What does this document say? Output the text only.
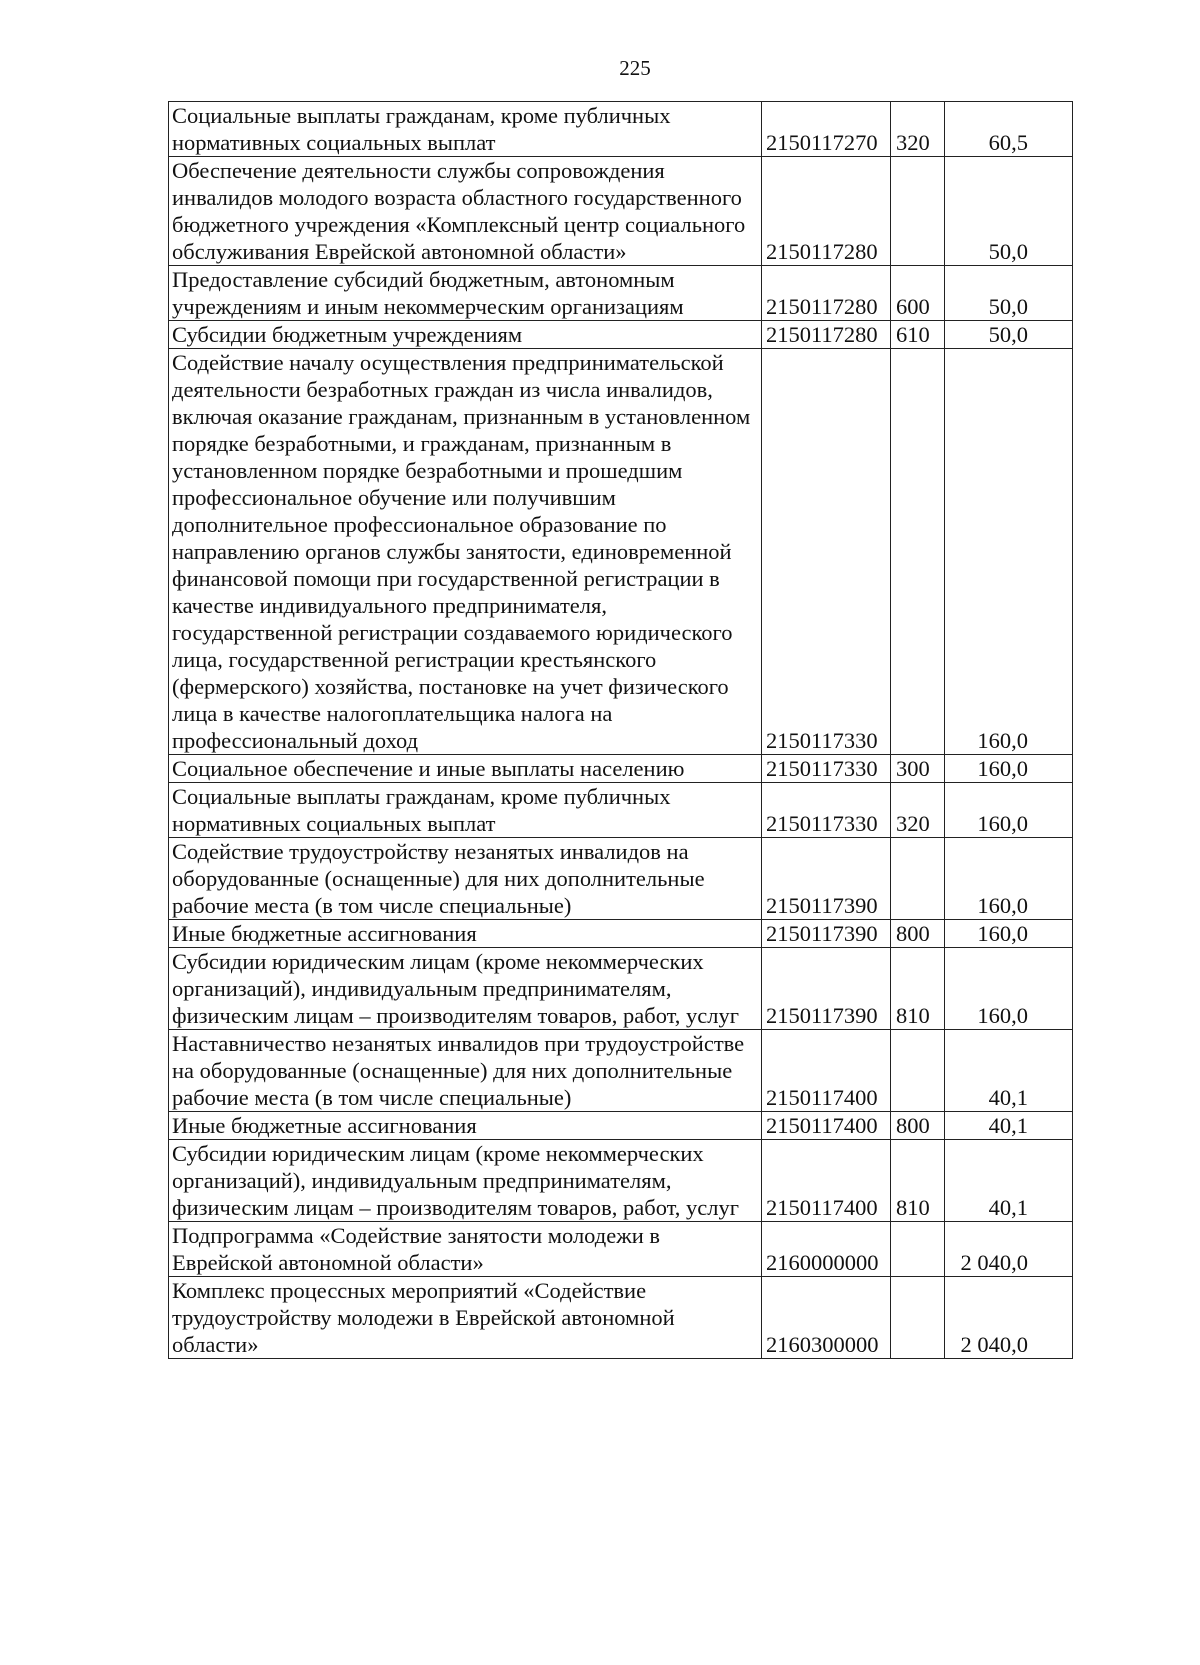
225
Социальные выплаты гражданам, кроме публичных нормативных социальных выплат	2150117270	320	60,5
Обеспечение деятельности службы сопровождения инвалидов молодого возраста областного государственного бюджетного учреждения «Комплексный центр социального обслуживания Еврейской автономной области»	2150117280		50,0
Предоставление субсидий бюджетным, автономным учреждениям и иным некоммерческим организациям	2150117280	600	50,0
Субсидии бюджетным учреждениям	2150117280	610	50,0
Содействие началу осуществления предпринимательской деятельности безработных граждан из числа инвалидов, включая оказание гражданам, признанным в установленном порядке безработными, и гражданам, признанным в установленном порядке безработными и прошедшим профессиональное обучение или получившим дополнительное профессиональное образование по направлению органов службы занятости, единовременной финансовой помощи при государственной регистрации в качестве индивидуального предпринимателя, государственной регистрации создаваемого юридического лица, государственной регистрации крестьянского (фермерского) хозяйства, постановке на учет физического лица в качестве налогоплательщика налога на профессиональный доход	2150117330		160,0
Социальное обеспечение и иные выплаты населению	2150117330	300	160,0
Социальные выплаты гражданам, кроме публичных нормативных социальных выплат	2150117330	320	160,0
Содействие трудоустройству незанятых инвалидов на оборудованные (оснащенные) для них дополнительные рабочие места (в том числе специальные)	2150117390		160,0
Иные бюджетные ассигнования	2150117390	800	160,0
Субсидии юридическим лицам (кроме некоммерческих организаций), индивидуальным предпринимателям, физическим лицам – производителям товаров, работ, услуг	2150117390	810	160,0
Наставничество незанятых инвалидов при трудоустройстве на оборудованные (оснащенные) для них дополнительные рабочие места (в том числе специальные)	2150117400		40,1
Иные бюджетные ассигнования	2150117400	800	40,1
Субсидии юридическим лицам (кроме некоммерческих организаций), индивидуальным предпринимателям, физическим лицам – производителям товаров, работ, услуг	2150117400	810	40,1
Подпрограмма «Содействие занятости молодежи в Еврейской автономной области»	2160000000		2 040,0
Комплекс процессных мероприятий «Содействие трудоустройству молодежи в Еврейской автономной области»	2160300000		2 040,0
